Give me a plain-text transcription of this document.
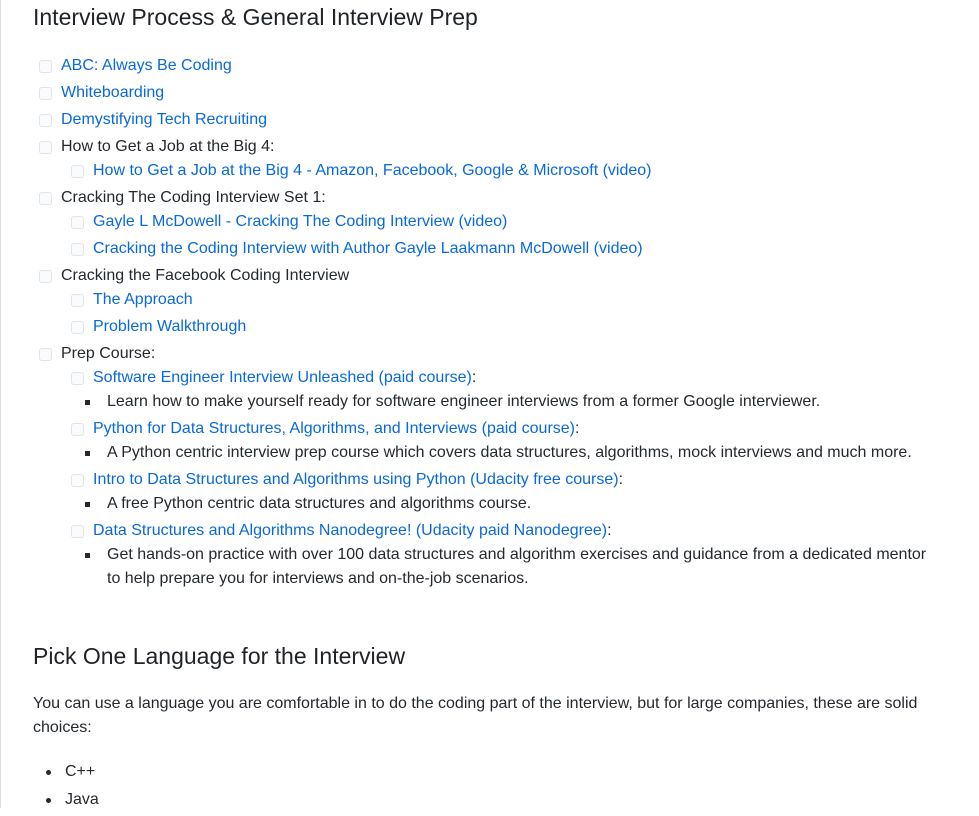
Interview Process & General Interview Prep
ABC: Always Be Coding
Whiteboarding
Demystifying Tech Recruiting
How to Get a Job at the Big 4:
How to Get a Job at the Big 4 - Amazon, Facebook, Google & Microsoft (video)
Cracking The Coding Interview Set 1:
Gayle L McDowell - Cracking The Coding Interview (video)
Cracking the Coding Interview with Author Gayle Laakmann McDowell (video)
Cracking the Facebook Coding Interview
The Approach
Problem Walkthrough
Prep Course:
Software Engineer Interview Unleashed (paid course):
Learn how to make yourself ready for software engineer interviews from a former Google interviewer.
Python for Data Structures, Algorithms, and Interviews (paid course):
A Python centric interview prep course which covers data structures, algorithms, mock interviews and much more.
Intro to Data Structures and Algorithms using Python (Udacity free course):
A free Python centric data structures and algorithms course.
Data Structures and Algorithms Nanodegree! (Udacity paid Nanodegree):
Get hands-on practice with over 100 data structures and algorithm exercises and guidance from a dedicated mentor to help prepare you for interviews and on-the-job scenarios.
Pick One Language for the Interview

You can use a language you are comfortable in to do the coding part of the interview, but for large companies, these are solid choices:

C++
Java
